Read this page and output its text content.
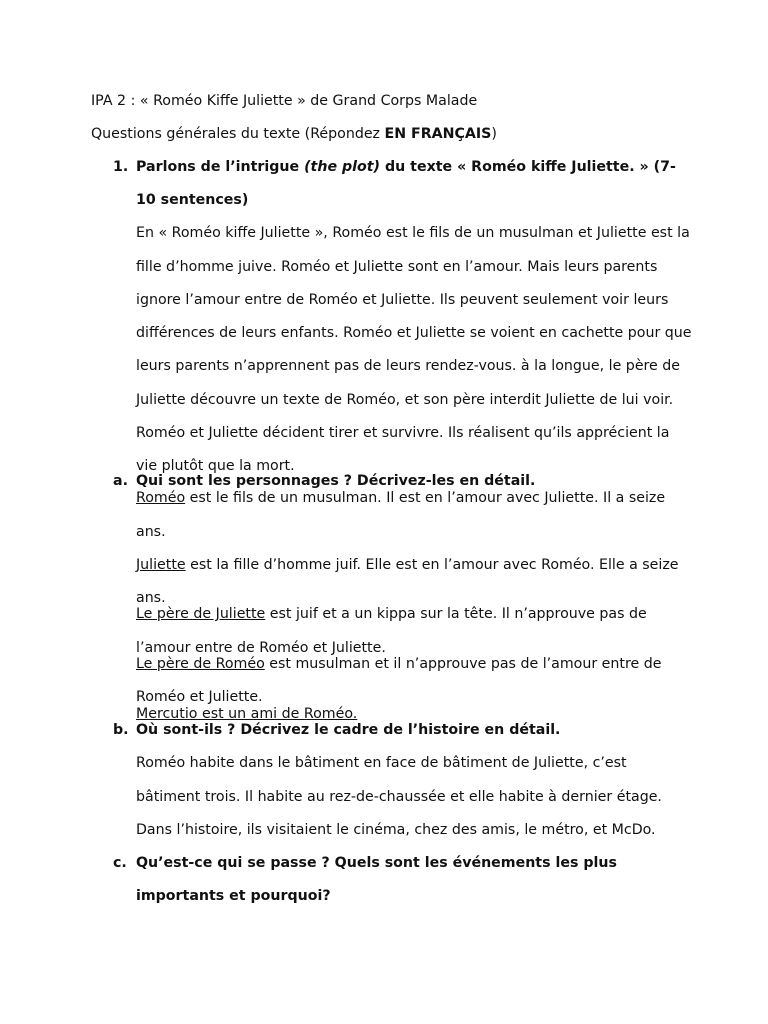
IPA 2 : « Roméo Kiffe Juliette » de Grand Corps Malade
Questions générales du texte (Répondez EN FRANÇAIS)
1. Parlons de l’intrigue (the plot) du texte « Roméo kiffe Juliette. » (7-
10 sentences)
En « Roméo kiffe Juliette », Roméo est le fils de un musulman et Juliette est la
fille d’homme juive. Roméo et Juliette sont en l’amour. Mais leurs parents
ignore l’amour entre de Roméo et Juliette. Ils peuvent seulement voir leurs
différences de leurs enfants. Roméo et Juliette se voient en cachette pour que
leurs parents n’apprennent pas de leurs rendez-vous. à la longue, le père de
Juliette découvre un texte de Roméo, et son père interdit Juliette de lui voir.
Roméo et Juliette décident tirer et survivre. Ils réalisent qu’ils apprécient la
vie plutôt que la mort.
a. Qui sont les personnages ? Décrivez-les en détail.
Roméo est le fils de un musulman. Il est en l’amour avec Juliette. Il a seize
ans.
Juliette est la fille d’homme juif. Elle est en l’amour avec Roméo. Elle a seize
ans.
Le père de Juliette est juif et a un kippa sur la tête. Il n’approuve pas de
l’amour entre de Roméo et Juliette.
Le père de Roméo est musulman et il n’approuve pas de l’amour entre de
Roméo et Juliette.
Mercutio est un ami de Roméo.
b. Où sont-ils ? Décrivez le cadre de l’histoire en détail.
Roméo habite dans le bâtiment en face de bâtiment de Juliette, c’est
bâtiment trois. Il habite au rez-de-chaussée et elle habite à dernier étage.
Dans l’histoire, ils visitaient le cinéma, chez des amis, le métro, et McDo.
c. Qu’est-ce qui se passe ? Quels sont les événements les plus
importants et pourquoi?
